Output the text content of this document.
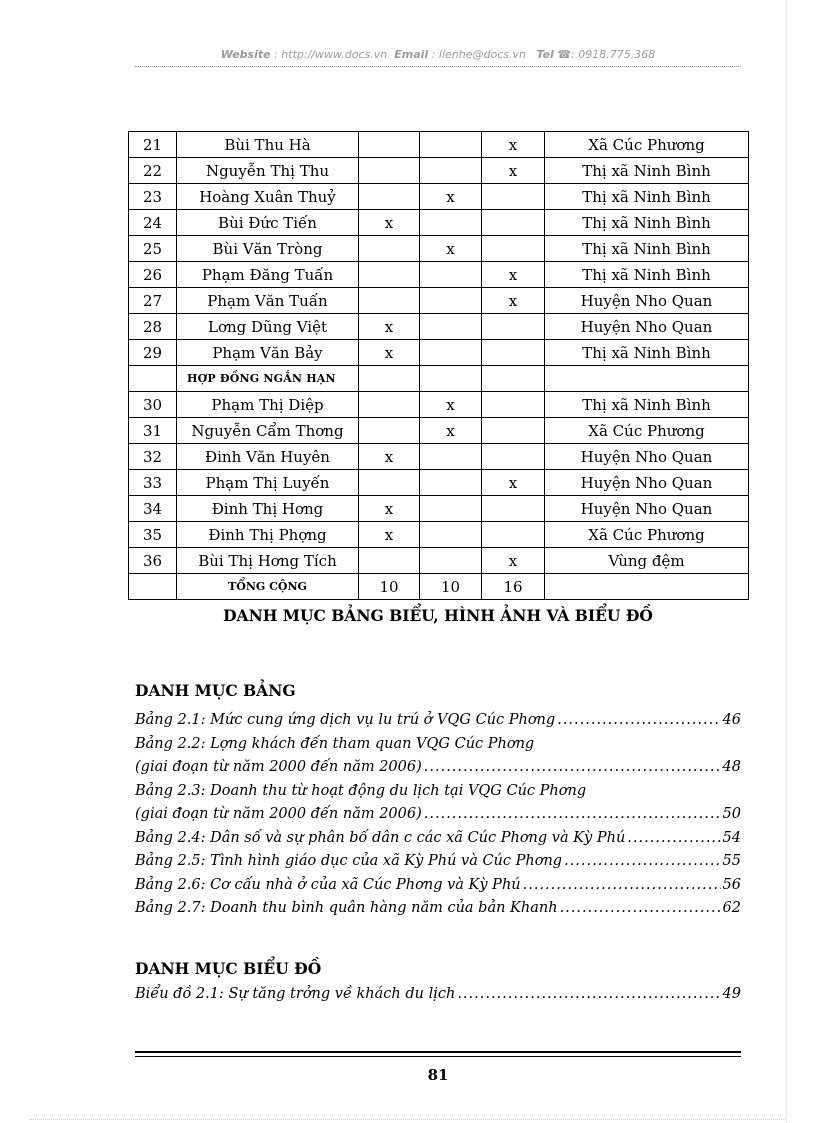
Website : http://www.docs.vn Email : lienhe@docs.vn Tel ☎: 0918.775.368
21	Bùi Thu Hà			x	Xã Cúc Phương
22	Nguyễn Thị Thu			x	Thị xã Ninh Bình
23	Hoàng Xuân Thuỷ		x		Thị xã Ninh Bình
24	Bùi Đức Tiến	x			Thị xã Ninh Bình
25	Bùi Văn Tròng		x		Thị xã Ninh Bình
26	Phạm Đăng Tuấn			x	Thị xã Ninh Bình
27	Phạm Văn Tuấn			x	Huyện Nho Quan
28	Lơng Dũng Việt	x			Huyện Nho Quan
29	Phạm Văn Bảy	x			Thị xã Ninh Bình
	HỢP ĐỒNG NGẮN HẠN				
30	Phạm Thị Diệp		x		Thị xã Ninh Bình
31	Nguyễn Cẩm Thơng		x		Xã Cúc Phương
32	Đinh Văn Huyên	x			Huyện Nho Quan
33	Phạm Thị Luyến			x	Huyện Nho Quan
34	Đinh Thị Hơng	x			Huyện Nho Quan
35	Đinh Thị Phợng	x			Xã Cúc Phương
36	Bùi Thị Hơng Tích			x	Vùng đệm
	TỔNG CỘNG	10	10	16	
DANH MỤC BẢNG BIỂU, HÌNH ẢNH VÀ BIỂU ĐỒ
DANH MỤC BẢNG
Bảng 2.1: Mức cung ứng dịch vụ lu trú ở VQG Cúc Phơng .....	46
Bảng 2.2: Lợng khách đến tham quan VQG Cúc Phơng
(giai đoạn từ năm 2000 đến năm 2006) .....	48
Bảng 2.3: Doanh thu từ hoạt động du lịch tại VQG Cúc Phơng
(giai đoạn từ năm 2000 đến năm 2006) .....	50
Bảng 2.4: Dân số và sự phân bố dân c các xã Cúc Phơng và Kỳ Phú .....	54
Bảng 2.5: Tình hình giáo dục của xã Kỳ Phú và Cúc Phơng .....	55
Bảng 2.6: Cơ cấu nhà ở của xã Cúc Phơng và Kỳ Phú .....	56
Bảng 2.7: Doanh thu bình quân hàng năm của bản Khanh .....	62
DANH MỤC BIỂU ĐỒ
Biểu đồ 2.1: Sự tăng trởng về khách du lịch .....	49
81
